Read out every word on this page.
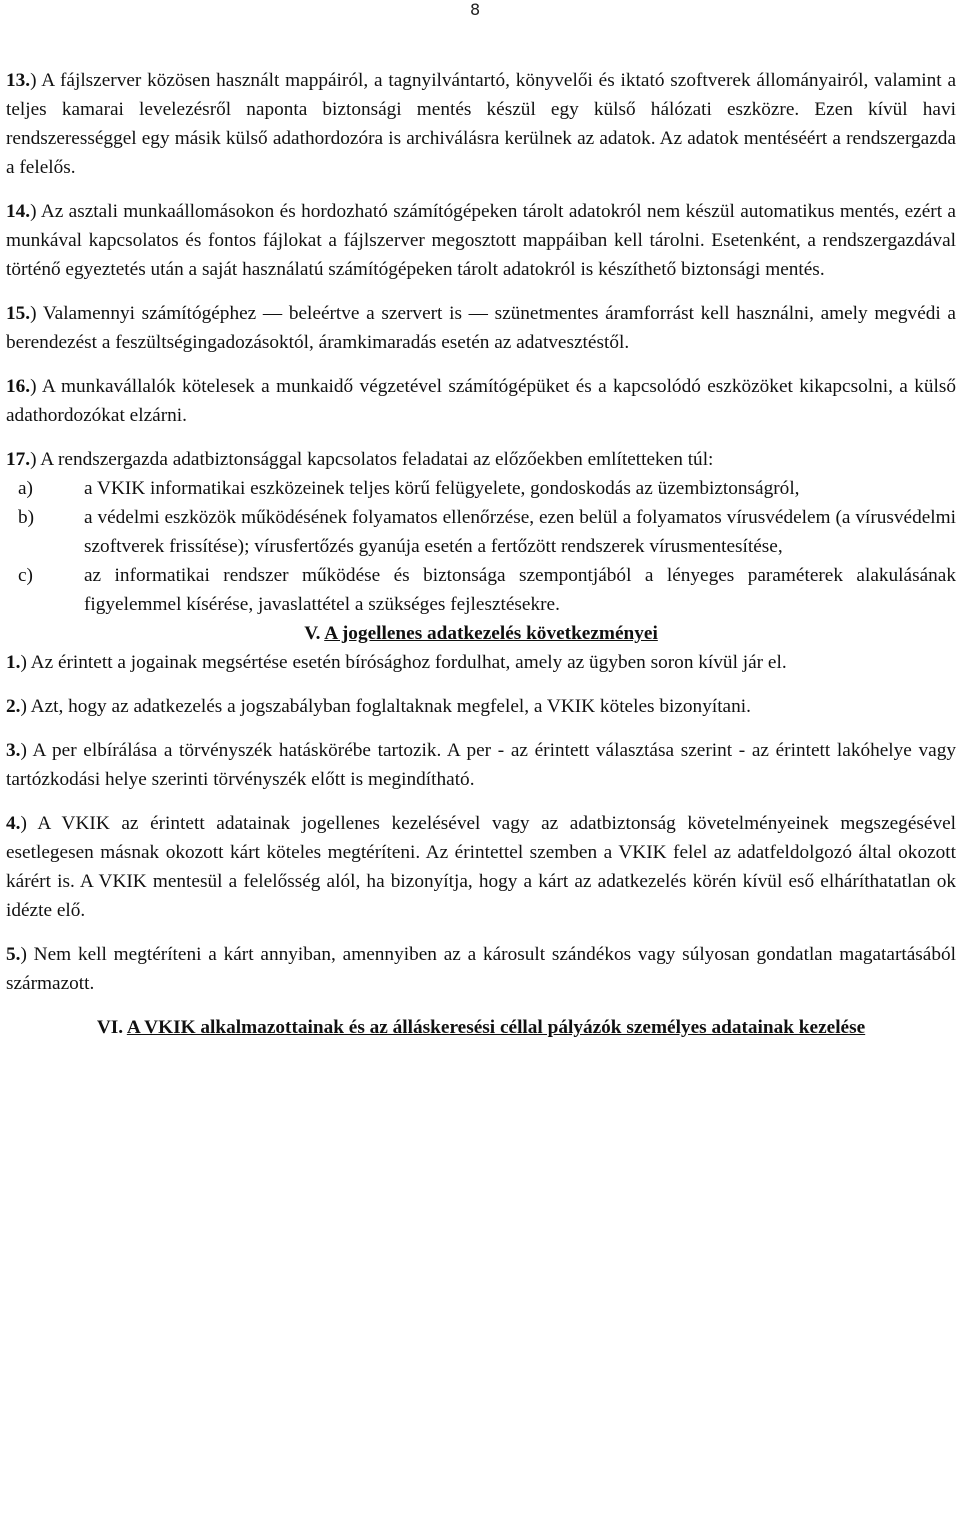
8

13.) A fájlszerver közösen használt mappáiról, a tagnyilvántartó, könyvelői és iktató szoftverek állományairól, valamint a teljes kamarai levelezésről naponta biztonsági mentés készül egy külső hálózati eszközre. Ezen kívül havi rendszerességgel egy másik külső adathordozóra is archiválásra kerülnek az adatok. Az adatok mentéséért a rendszergazda a felelős.

14.) Az asztali munkaállomásokon és hordozható számítógépeken tárolt adatokról nem készül automatikus mentés, ezért a munkával kapcsolatos és fontos fájlokat a fájlszerver megosztott mappáiban kell tárolni. Esetenként, a rendszergazdával történő egyeztetés után a saját használatú számítógépeken tárolt adatokról is készíthető biztonsági mentés.

15.) Valamennyi számítógéphez ― beleértve a szervert is ― szünetmentes áramforrást kell használni, amely megvédi a berendezést a feszültségingadozásoktól, áramkimaradás esetén az adatvesztéstől.

16.) A munkavállalók kötelesek a munkaidő végzetével számítógépüket és a kapcsolódó eszközöket kikapcsolni, a külső adathordozókat elzárni.

17.) A rendszergazda adatbiztonsággal kapcsolatos feladatai az előzőekben említetteken túl:

a)	a VKIK informatikai eszközeinek teljes körű felügyelete, gondoskodás az üzembiztonságról,
b)	a védelmi eszközök működésének folyamatos ellenőrzése, ezen belül a folyamatos vírusvédelem (a vírusvédelmi szoftverek frissítése); vírusfertőzés gyanúja esetén a fertőzött rendszerek vírusmentesítése,
c)	az informatikai rendszer működése és biztonsága szempontjából a lényeges paraméterek alakulásának figyelemmel kísérése, javaslattétel a szükséges fejlesztésekre.
V. A jogellenes adatkezelés következményei

1.) Az érintett a jogainak megsértése esetén bírósághoz fordulhat, amely az ügyben soron kívül jár el.

2.) Azt, hogy az adatkezelés a jogszabályban foglaltaknak megfelel, a VKIK köteles bizonyítani.

3.) A per elbírálása a törvényszék hatáskörébe tartozik. A per - az érintett választása szerint - az érintett lakóhelye vagy tartózkodási helye szerinti törvényszék előtt is megindítható.

4.) A VKIK az érintett adatainak jogellenes kezelésével vagy az adatbiztonság követelményeinek megszegésével esetlegesen másnak okozott kárt köteles megtéríteni. Az érintettel szemben a VKIK felel az adatfeldolgozó által okozott kárért is. A VKIK mentesül a felelősség alól, ha bizonyítja, hogy a kárt az adatkezelés körén kívül eső elháríthatatlan ok idézte elő.

5.) Nem kell megtéríteni a kárt annyiban, amennyiben az a károsult szándékos vagy súlyosan gondatlan magatartásából származott.

VI. A VKIK alkalmazottainak és az álláskeresési céllal pályázók személyes adatainak kezelése
